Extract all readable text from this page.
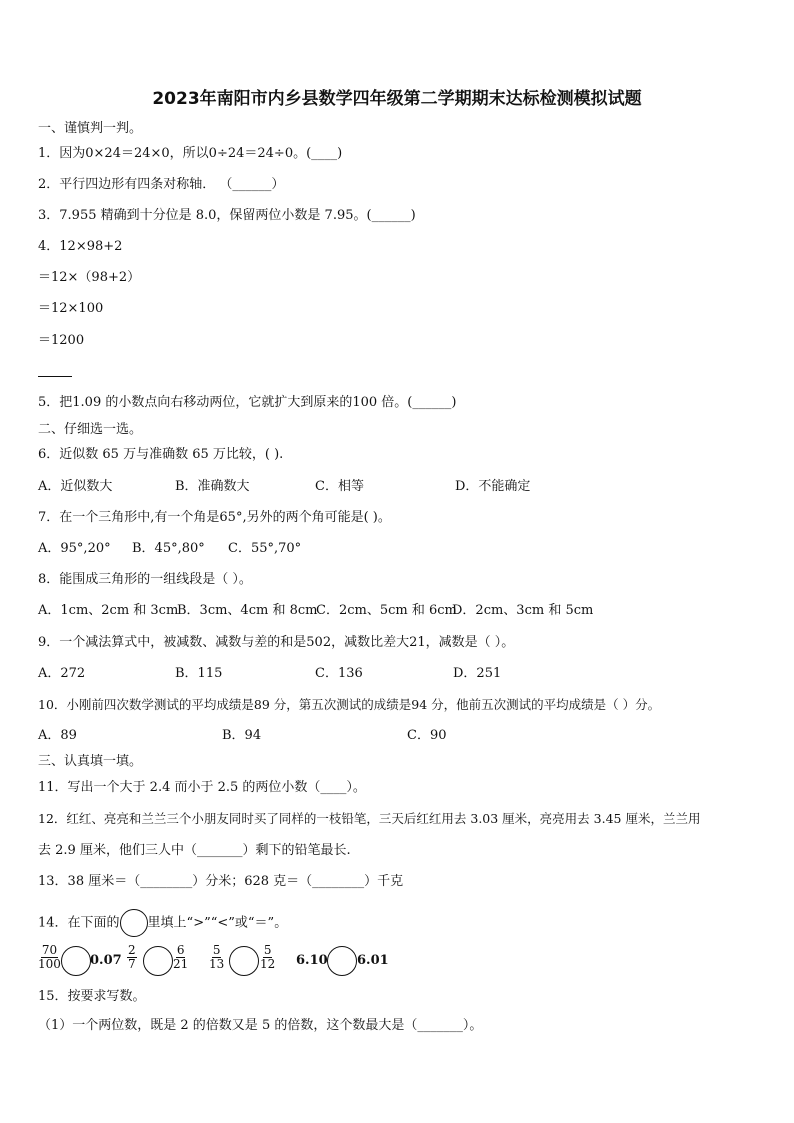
2023年南阳市内乡县数学四年级第二学期期末达标检测模拟试题
一、谨慎判一判。
1．因为0×24＝24×0，所以0÷24＝24÷0。(____)
2．平行四边形有四条对称轴． （______）
3．7.955 精确到十分位是 8.0，保留两位小数是 7.95。(______)
4．12×98+2
＝12×（98+2）
＝12×100
＝1200
5．把1.09 的小数点向右移动两位，它就扩大到原来的100 倍。(______)
二、仔细选一选。
6．近似数 65 万与准确数 65 万比较，( ).
A．近似数大	B．准确数大	C．相等	D．不能确定
7．在一个三角形中,有一个角是65°,另外的两个角可能是( )。
A．95°,20° B．45°,80° C．55°,70°
8．能围成三角形的一组线段是（ ）。
A．1cm、2cm 和 3cm
B．3cm、4cm 和 8cm
C．2cm、5cm 和 6cm
D．2cm、3cm 和 5cm
9．一个减法算式中，被减数、减数与差的和是502，减数比差大21，减数是（ ）。
A．272	B．115	C．136	D．251
10．小刚前四次数学测试的平均成绩是89 分，第五次测试的成绩是94 分，他前五次测试的平均成绩是（ ）分。
A．89	B．94	C．90
三、认真填一填。
11．写出一个大于 2.4 而小于 2.5 的两位小数（____）。
12．红红、亮亮和兰兰三个小朋友同时买了同样的一枝铅笔，三天后红红用去 3.03 厘米，亮亮用去 3.45 厘米，兰兰用
去 2.9 厘米，他们三人中（_______）剩下的铅笔最长.
13．38 厘米＝（________）分米；628 克＝（________）千克
14．在下面的 里填上“>”“<”或“＝”。
$\frac{70}{100} 0.07 \frac{2}{7}$	$\frac{6}{21} \frac{5}{13}$	$\frac{5}{12} 6.10$ 6.01
15．按要求写数。
（1）一个两位数，既是 2 的倍数又是 5 的倍数，这个数最大是（_______）。
